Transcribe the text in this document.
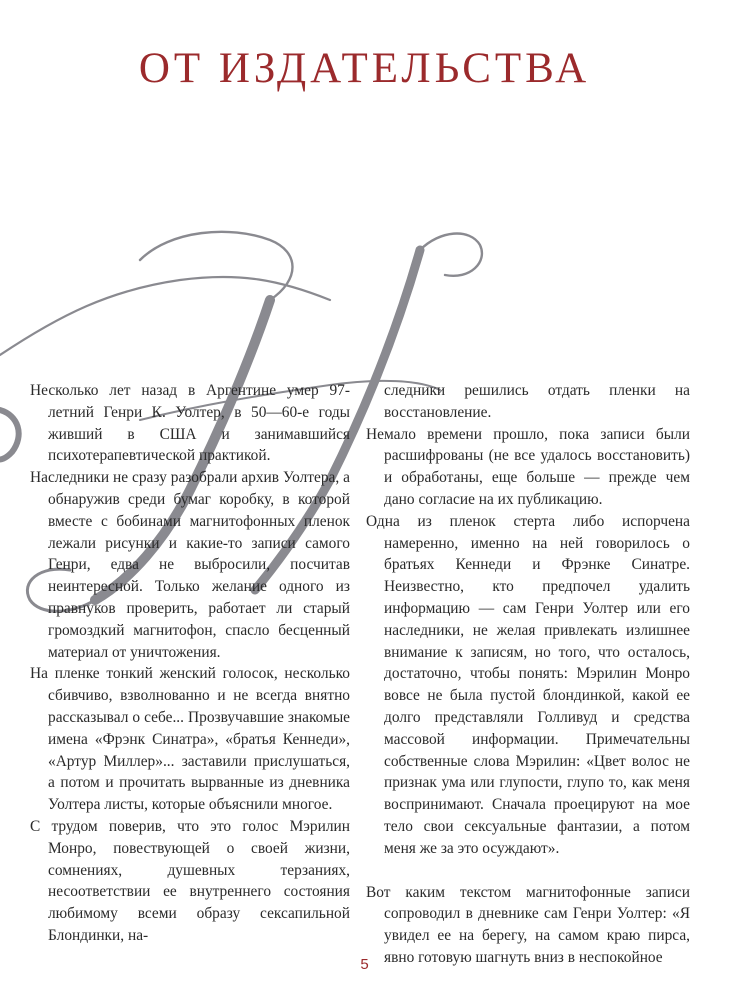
ОТ ИЗДАТЕЛЬСТВА

Несколько лет назад в Аргентине умер 97-летний Генри К. Уолтер, в 50—60-е годы живший в США и занимавшийся психотерапевтической практикой.

Наследники не сразу разобрали архив Уолтера, а обнаружив среди бумаг коробку, в которой вместе с бобинами магнитофонных пленок лежали рисунки и какие-то записи самого Генри, едва не выбросили, посчитав неинтересной. Только желание одного из правнуков проверить, работает ли старый громоздкий магнитофон, спасло бесценный материал от уничтожения.

На пленке тонкий женский голосок, несколько сбивчиво, взволнованно и не всегда внятно рассказывал о себе... Прозвучавшие знакомые имена «Фрэнк Синатра», «братья Кеннеди», «Артур Миллер»... заставили прислушаться, а потом и прочитать вырванные из дневника Уолтера листы, которые объяснили многое.

С трудом поверив, что это голос Мэрилин Монро, повествующей о своей жизни, сомнениях, душевных терзаниях, несоответствии ее внутреннего состояния любимому всеми образу сексапильной Блондинки, на-

следники решились отдать пленки на восстановление.

Немало времени прошло, пока записи были расшифрованы (не все удалось восстановить) и обработаны, еще больше — прежде чем дано согласие на их публикацию.

Одна из пленок стерта либо испорчена намеренно, именно на ней говорилось о братьях Кеннеди и Фрэнке Синатре. Неизвестно, кто предпочел удалить информацию — сам Генри Уолтер или его наследники, не желая привлекать излишнее внимание к записям, но того, что осталось, достаточно, чтобы понять: Мэрилин Монро вовсе не была пустой блондинкой, какой ее долго представляли Голливуд и средства массовой информации. Примечательны собственные слова Мэрилин: «Цвет волос не признак ума или глупости, глупо то, как меня воспринимают. Сначала проецируют на мое тело свои сексуальные фантазии, а потом меня же за это осуждают».

Вот каким текстом магнитофонные записи сопроводил в дневнике сам Генри Уолтер: «Я увидел ее на берегу, на самом краю пирса, явно готовую шагнуть вниз в неспокойное

5
